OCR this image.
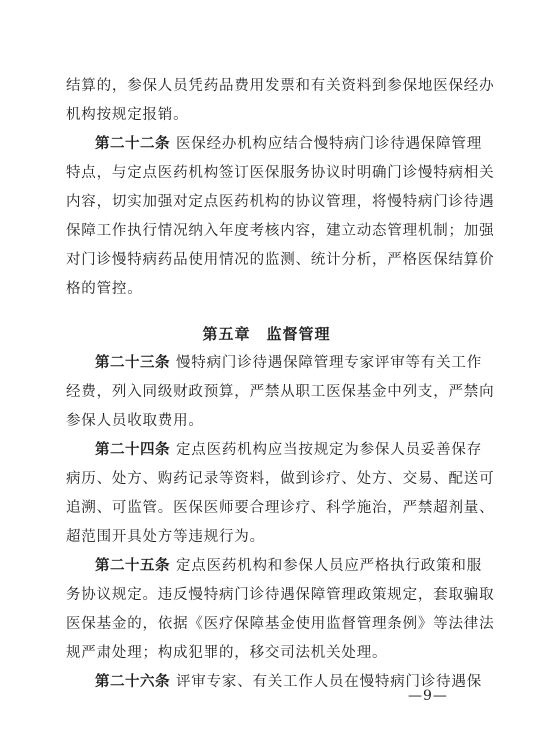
结算的，参保人员凭药品费用发票和有关资料到参保地医保经办
机构按规定报销。
第二十二条 医保经办机构应结合慢特病门诊待遇保障管理
特点，与定点医药机构签订医保服务协议时明确门诊慢特病相关
内容，切实加强对定点医药机构的协议管理，将慢特病门诊待遇
保障工作执行情况纳入年度考核内容，建立动态管理机制；加强
对门诊慢特病药品使用情况的监测、统计分析，严格医保结算价
格的管控。
第五章　监督管理
第二十三条 慢特病门诊待遇保障管理专家评审等有关工作
经费，列入同级财政预算，严禁从职工医保基金中列支，严禁向
参保人员收取费用。
第二十四条 定点医药机构应当按规定为参保人员妥善保存
病历、处方、购药记录等资料，做到诊疗、处方、交易、配送可
追溯、可监管。医保医师要合理诊疗、科学施治，严禁超剂量、
超范围开具处方等违规行为。
第二十五条 定点医药机构和参保人员应严格执行政策和服
务协议规定。违反慢特病门诊待遇保障管理政策规定，套取骗取
医保基金的，依据《医疗保障基金使用监督管理条例》等法律法
规严肃处理；构成犯罪的，移交司法机关处理。
第二十六条 评审专家、有关工作人员在慢特病门诊待遇保
—9—
